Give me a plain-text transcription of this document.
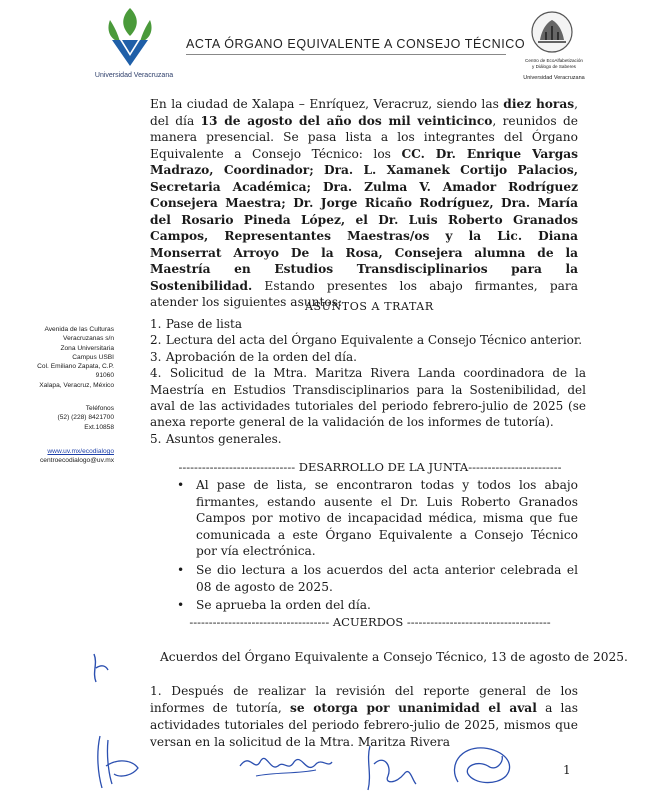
Universidad Veracruzana
ACTA ÓRGANO EQUIVALENTE A CONSEJO TÉCNICO
Centro de EcoAlfabetización
y Diálogo de Saberes
Universidad Veracruzana
Avenida de las Culturas
Veracruzanas s/n
Zona Universitaria
Campus USBI
Col. Emiliano Zapata, C.P.
91060
Xalapa, Veracruz, México
Teléfonos
(52) (228) 8421700
Ext.10858
www.uv.mx/ecodialogo
centroecodialogo@uv.mx
En la ciudad de Xalapa – Enríquez, Veracruz, siendo las diez horas, del día 13 de agosto del año dos mil veinticinco, reunidos de manera presencial. Se pasa lista a los integrantes del Órgano Equivalente a Consejo Técnico: los CC. Dr. Enrique Vargas Madrazo, Coordinador; Dra. L. Xamanek Cortijo Palacios, Secretaria Académica; Dra. Zulma V. Amador Rodríguez Consejera Maestra; Dr. Jorge Ricaño Rodríguez, Dra. María del Rosario Pineda López, el Dr. Luis Roberto Granados Campos, Representantes Maestras/os y la Lic. Diana Monserrat Arroyo De la Rosa, Consejera alumna de la Maestría en Estudios Transdisciplinarios para la Sostenibilidad. Estando presentes los abajo firmantes, para atender los siguientes asuntos:
ASUNTOS A TRATAR
1. Pase de lista
2. Lectura del acta del Órgano Equivalente a Consejo Técnico anterior.
3. Aprobación de la orden del día.
4. Solicitud de la Mtra. Maritza Rivera Landa coordinadora de la Maestría en Estudios Transdisciplinarios para la Sostenibilidad, del aval de las actividades tutoriales del periodo febrero-julio de 2025 (se anexa reporte general de la validación de los informes de tutoría).
5. Asuntos generales.
------------------------------ DESARROLLO DE LA JUNTA------------------------
• Al pase de lista, se encontraron todas y todos los abajo firmantes, estando ausente el Dr. Luis Roberto Granados Campos por motivo de incapacidad médica, misma que fue comunicada a este Órgano Equivalente a Consejo Técnico por vía electrónica.
• Se dio lectura a los acuerdos del acta anterior celebrada el 08 de agosto de 2025.
• Se aprueba la orden del día.
------------------------------------ ACUERDOS -------------------------------------
Acuerdos del Órgano Equivalente a Consejo Técnico, 13 de agosto de 2025.
1. Después de realizar la revisión del reporte general de los informes de tutoría, se otorga por unanimidad el aval a las actividades tutoriales del periodo febrero-julio de 2025, mismos que versan en la solicitud de la Mtra. Maritza Rivera
1
